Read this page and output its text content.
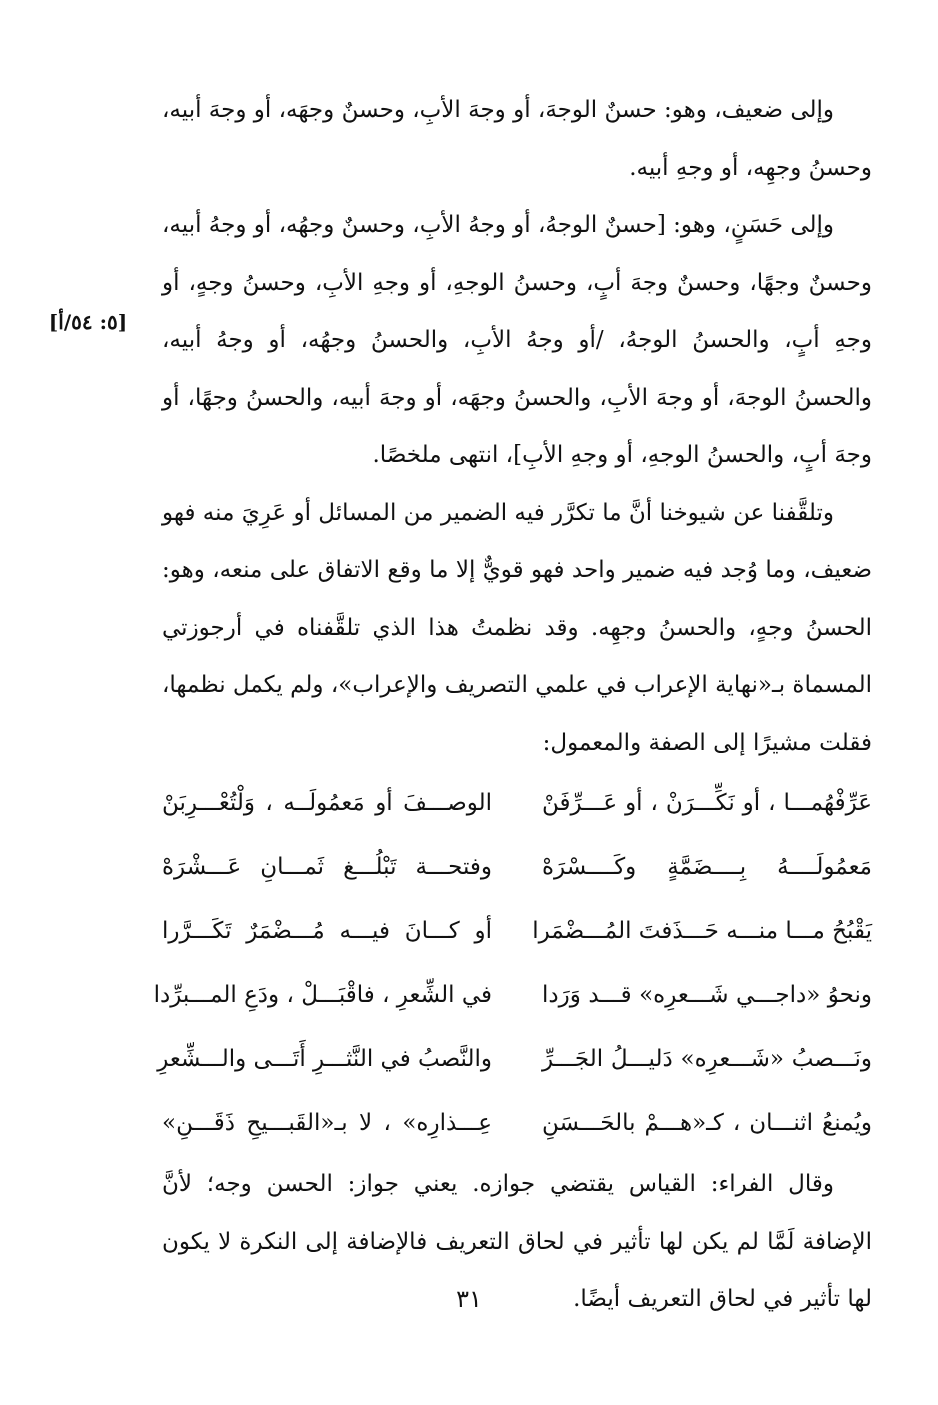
وإلى ضعيف، وهو: حسنٌ الوجهَ، أو وجهَ الأبِ، وحسنٌ وجهَه، أو وجهَ أبيه، وحسنُ وجهِه، أو وجهِ أبيه.

وإلى حَسَنٍ، وهو: [حسنٌ الوجهُ، أو وجهُ الأبِ، وحسنٌ وجهُه، أو وجهُ أبيه، وحسنٌ وجهًا، وحسنٌ وجهَ أبٍ، وحسنُ الوجهِ، أو وجهِ الأبِ، وحسنُ وجهٍ، أو وجهِ أبٍ، والحسنُ الوجهُ، /أو وجهُ الأبِ، والحسنُ وجهُه، أو وجهُ أبيه، والحسنُ الوجهَ، أو وجهَ الأبِ، والحسنُ وجهَه، أو وجهَ أبيه، والحسنُ وجهًا، أو وجهَ أبٍ، والحسنُ الوجهِ، أو وجهِ الأبِ]، انتهى ملخصًا.

وتلقَّفنا عن شيوخنا أنَّ ما تكرَّر فيه الضمير من المسائل أو عَرِيَ منه فهو ضعيف، وما وُجد فيه ضمير واحد فهو قويٌّ إلا ما وقع الاتفاق على منعه، وهو: الحسنُ وجهٍ، والحسنُ وجهِه. وقد نظمتُ هذا الذي تلقَّفناه في أرجوزتي المسماة بـ«نهاية الإعراب في علمي التصريف والإعراب»، ولم يكمل نظمها، فقلت مشيرًا إلى الصفة والمعمول:

عَرِّفْهُمـــا ، أو نَكِّـــرَنْ ، أو عَـــرِّفَنْ
الوصـــفَ أو مَعمُولَــه ، وَلْتُعْـــرِبَنْ
مَعمُولَــــهُ بِــــضَمَّةٍ وكَــــسْرَهْ
وفتحـــة تَبْلُـــغ ثَمـــانِ عَـــشْرَهْ
يَقْبُحُ مـــا منـــه حَـــذَفتَ المُـــضْمَرا
أو كـــانَ فيـــه مُـــضْمَرٌ تَكَـــرَّرا
ونحوُ «داجـــي شَـــعرِه» قـــد وَرَدا
في الشِّعرِ ، فاقْبَـــلْ ، ودَعِ المـــبرِّدا
ونَـــصبُ «شَـــعرِه» دَليـــلُ الجَـــرِّ
والنَّصبُ في النَّثـــرِ أَتَـــى والـــشِّعرِ
ويُمنعُ اثنـــان ، كـ«هـــمْ بالحَـــسَنِ
عِـــذارِه» ، لا بـ«القَبـــيحِ ذَقَـــنِ»

وقال الفراء: القياس يقتضي جوازه. يعني جواز: الحسن وجه؛ لأنَّ الإضافة لَمَّا لم يكن لها تأثير في لحاق التعريف فالإضافة إلى النكرة لا يكون لها تأثير في لحاق التعريف أيضًا.

[٥: ٥٤/أ]
٣١
